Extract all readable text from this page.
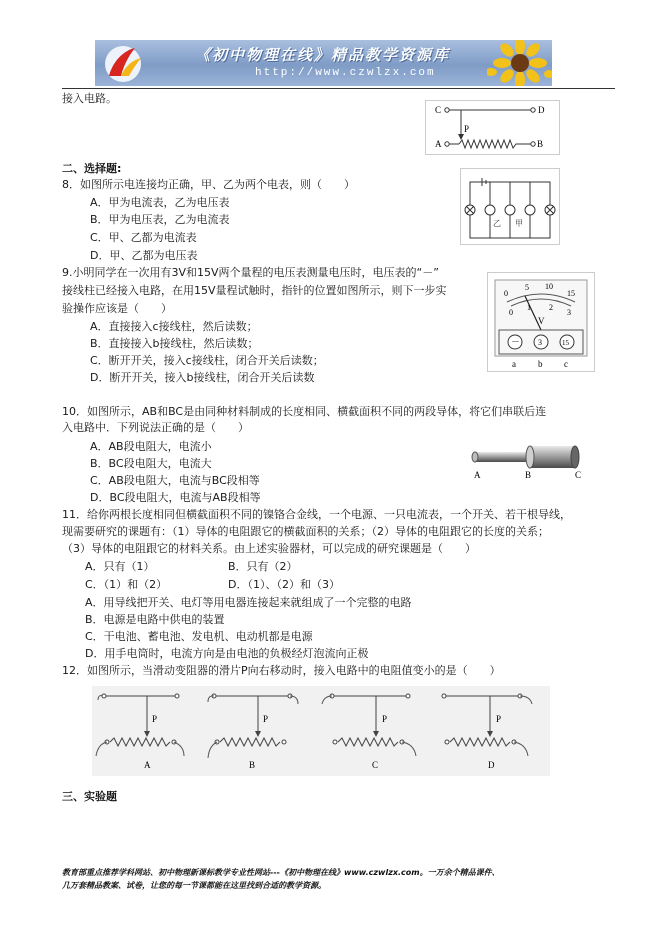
《初中物理在线》精品教学资源库
http://www.czwlzx.com
接入电路。
C	D
P
A	B
二、选择题:
8．如图所示电连接均正确，甲、乙为两个电表，则（　　）
A．甲为电流表，乙为电压表
B．甲为电压表，乙为电流表
C．甲、乙都为电流表
D．甲、乙都为电压表
乙 甲
9.小明同学在一次用有3V和15V两个量程的电压表测量电压时，电压表的“－”
接线柱已经接入电路，在用15V量程试触时，指针的位置如图所示，则下一步实
验操作应该是（　　）
A．直接接入c接线柱，然后读数；
B．直接接入b接线柱，然后读数；
C．断开开关，接入c接线柱，闭合开关后读数；
D．断开开关，接入b接线柱，闭合开关后读数
0
5 10
15
0
1 2
3
V
－ 3	15
a b c
10．如图所示，AB和BC是由同种材料制成的长度相同、横截面积不同的两段导体，将它们串联后连
入电路中．下列说法正确的是（　　）
A．AB段电阻大，电流小
B．BC段电阻大，电流大
C．AB段电阻大，电流与BC段相等
D．BC段电阻大，电流与AB段相等
A	B	C
11．给你两根长度相同但横截面积不同的镍铬合金线，一个电源、一只电流表，一个开关、若干根导线，
现需要研究的课题有：（1）导体的电阻跟它的横截面积的关系；（2）导体的电阻跟它的长度的关系；
（3）导体的电阻跟它的材料关系。由上述实验器材，可以完成的研究课题是（　　）
A．只有（1）	B．只有（2）
C．（1）和（2）	D．（1）、（2）和（3）
A．用导线把开关、电灯等用电器连接起来就组成了一个完整的电路
B．电源是电路中供电的装置
C．干电池、蓄电池、发电机、电动机都是电源
D．用手电筒时，电流方向是由电池的负极经灯泡流向正极
12．如图所示，当滑动变阻器的滑片P向右移动时，接入电路中的电阻值变小的是（　　）
P
A
P
B
P
C
P
D
三、实验题
教育部重点推荐学科网站、初中物理新课标教学专业性网站---《初中物理在线》www.czwlzx.com。一万余个精品课件、
几万套精品教案、试卷，让您的每一节课都能在这里找到合适的教学资源。
